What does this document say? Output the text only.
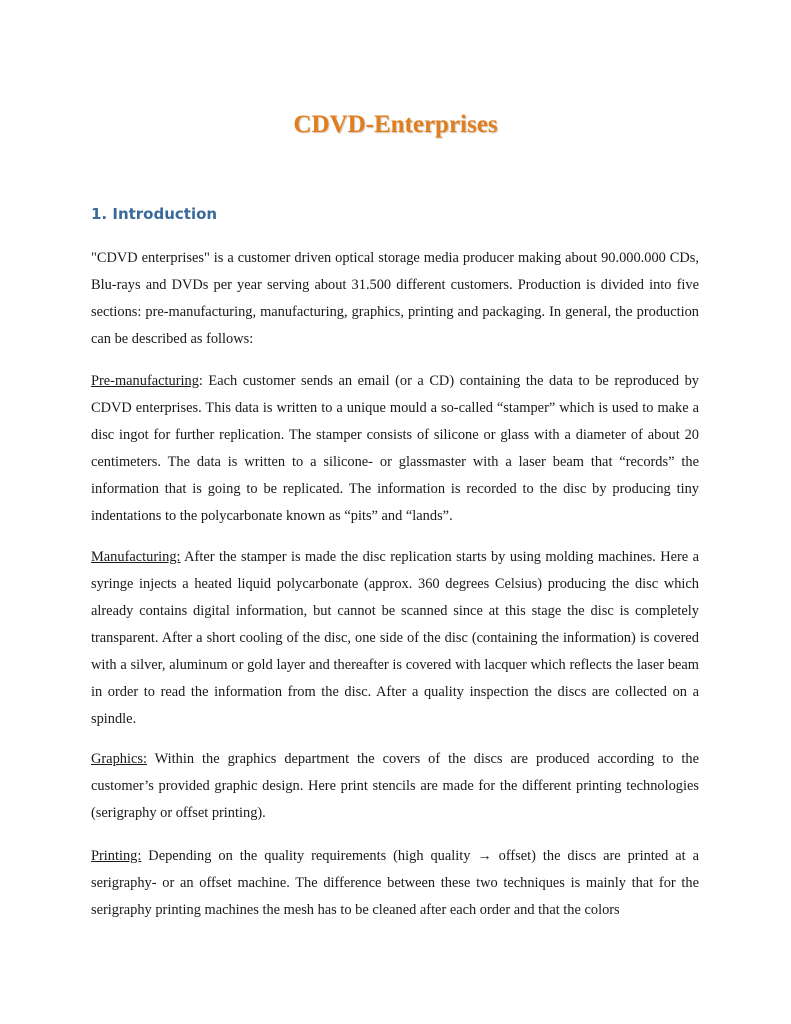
CDVD-Enterprises
1. Introduction

"CDVD enterprises" is a customer driven optical storage media producer making about 90.000.000 CDs, Blu-rays and DVDs per year serving about 31.500 different customers. Production is divided into five sections: pre-manufacturing, manufacturing, graphics, printing and packaging. In general, the production can be described as follows:

Pre-manufacturing: Each customer sends an email (or a CD) containing the data to be reproduced by CDVD enterprises. This data is written to a unique mould a so-called “stamper” which is used to make a disc ingot for further replication. The stamper consists of silicone or glass with a diameter of about 20 centimeters. The data is written to a silicone- or glassmaster with a laser beam that “records” the information that is going to be replicated. The information is recorded to the disc by producing tiny indentations to the polycarbonate known as “pits” and “lands”.

Manufacturing: After the stamper is made the disc replication starts by using molding machines. Here a syringe injects a heated liquid polycarbonate (approx. 360 degrees Celsius) producing the disc which already contains digital information, but cannot be scanned since at this stage the disc is completely transparent. After a short cooling of the disc, one side of the disc (containing the information) is covered with a silver, aluminum or gold layer and thereafter is covered with lacquer which reflects the laser beam in order to read the information from the disc. After a quality inspection the discs are collected on a spindle.

Graphics: Within the graphics department the covers of the discs are produced according to the customer’s provided graphic design. Here print stencils are made for the different printing technologies (serigraphy or offset printing).

Printing: Depending on the quality requirements (high quality → offset) the discs are printed at a serigraphy- or an offset machine. The difference between these two techniques is mainly that for the serigraphy printing machines the mesh has to be cleaned after each order and that the colors
